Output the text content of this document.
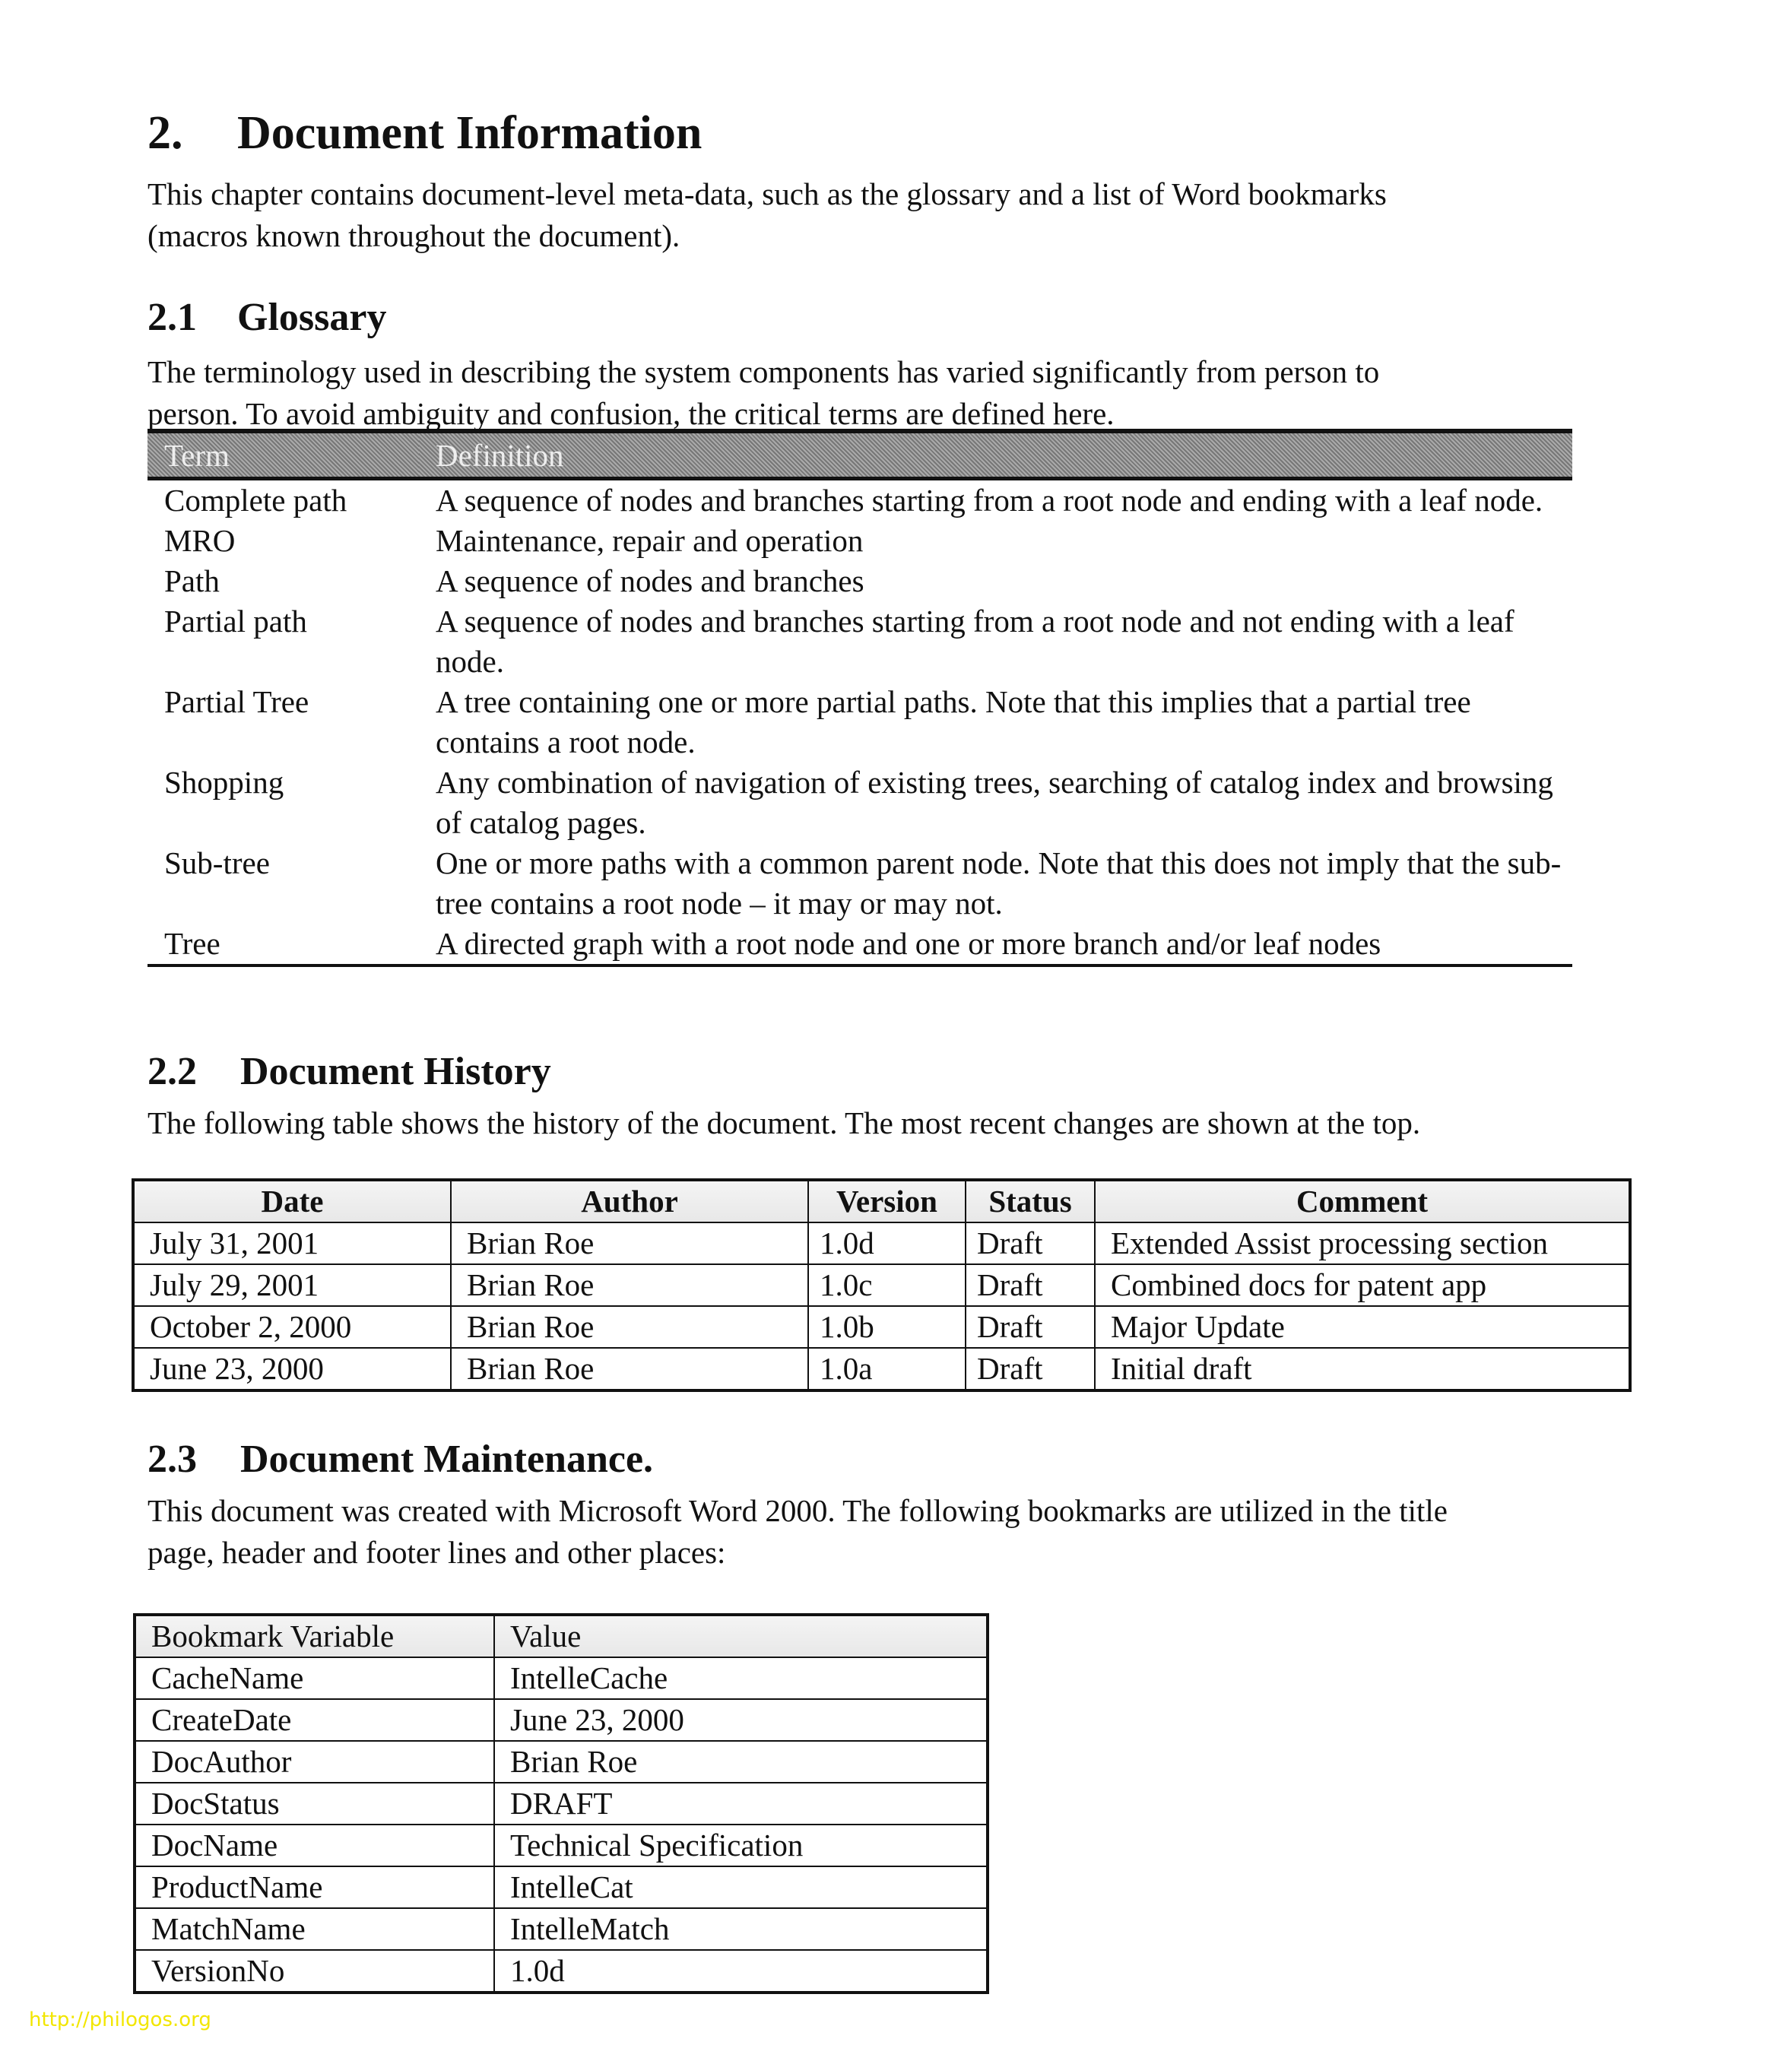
2. Document Information

This chapter contains document-level meta-data, such as the glossary and a list of Word bookmarks

(macros known throughout the document).

2.1 Glossary

The terminology used in describing the system components has varied significantly from person to

person. To avoid ambiguity and confusion, the critical terms are defined here.

Term	Definition
Complete path	A sequence of nodes and branches starting from a root node and ending with a leaf node.
MRO	Maintenance, repair and operation
Path	A sequence of nodes and branches
Partial path	A sequence of nodes and branches starting from a root node and not ending with a leaf node.
Partial Tree	A tree containing one or more partial paths. Note that this implies that a partial tree contains a root node.
Shopping	Any combination of navigation of existing trees, searching of catalog index and browsing of catalog pages.
Sub-tree	One or more paths with a common parent node. Note that this does not imply that the sub-tree contains a root node – it may or may not.
Tree	A directed graph with a root node and one or more branch and/or leaf nodes
2.2 Document History

The following table shows the history of the document. The most recent changes are shown at the top.

Date	Author	Version	Status	Comment
July 31, 2001	Brian Roe	1.0d	Draft	Extended Assist processing section
July 29, 2001	Brian Roe	1.0c	Draft	Combined docs for patent app
October 2, 2000	Brian Roe	1.0b	Draft	Major Update
June 23, 2000	Brian Roe	1.0a	Draft	Initial draft
2.3 Document Maintenance.

This document was created with Microsoft Word 2000. The following bookmarks are utilized in the title

page, header and footer lines and other places:

Bookmark Variable	Value
CacheName	IntelleCache
CreateDate	June 23, 2000
DocAuthor	Brian Roe
DocStatus	DRAFT
DocName	Technical Specification
ProductName	IntelleCat
MatchName	IntelleMatch
VersionNo	1.0d
http://philogos.org
